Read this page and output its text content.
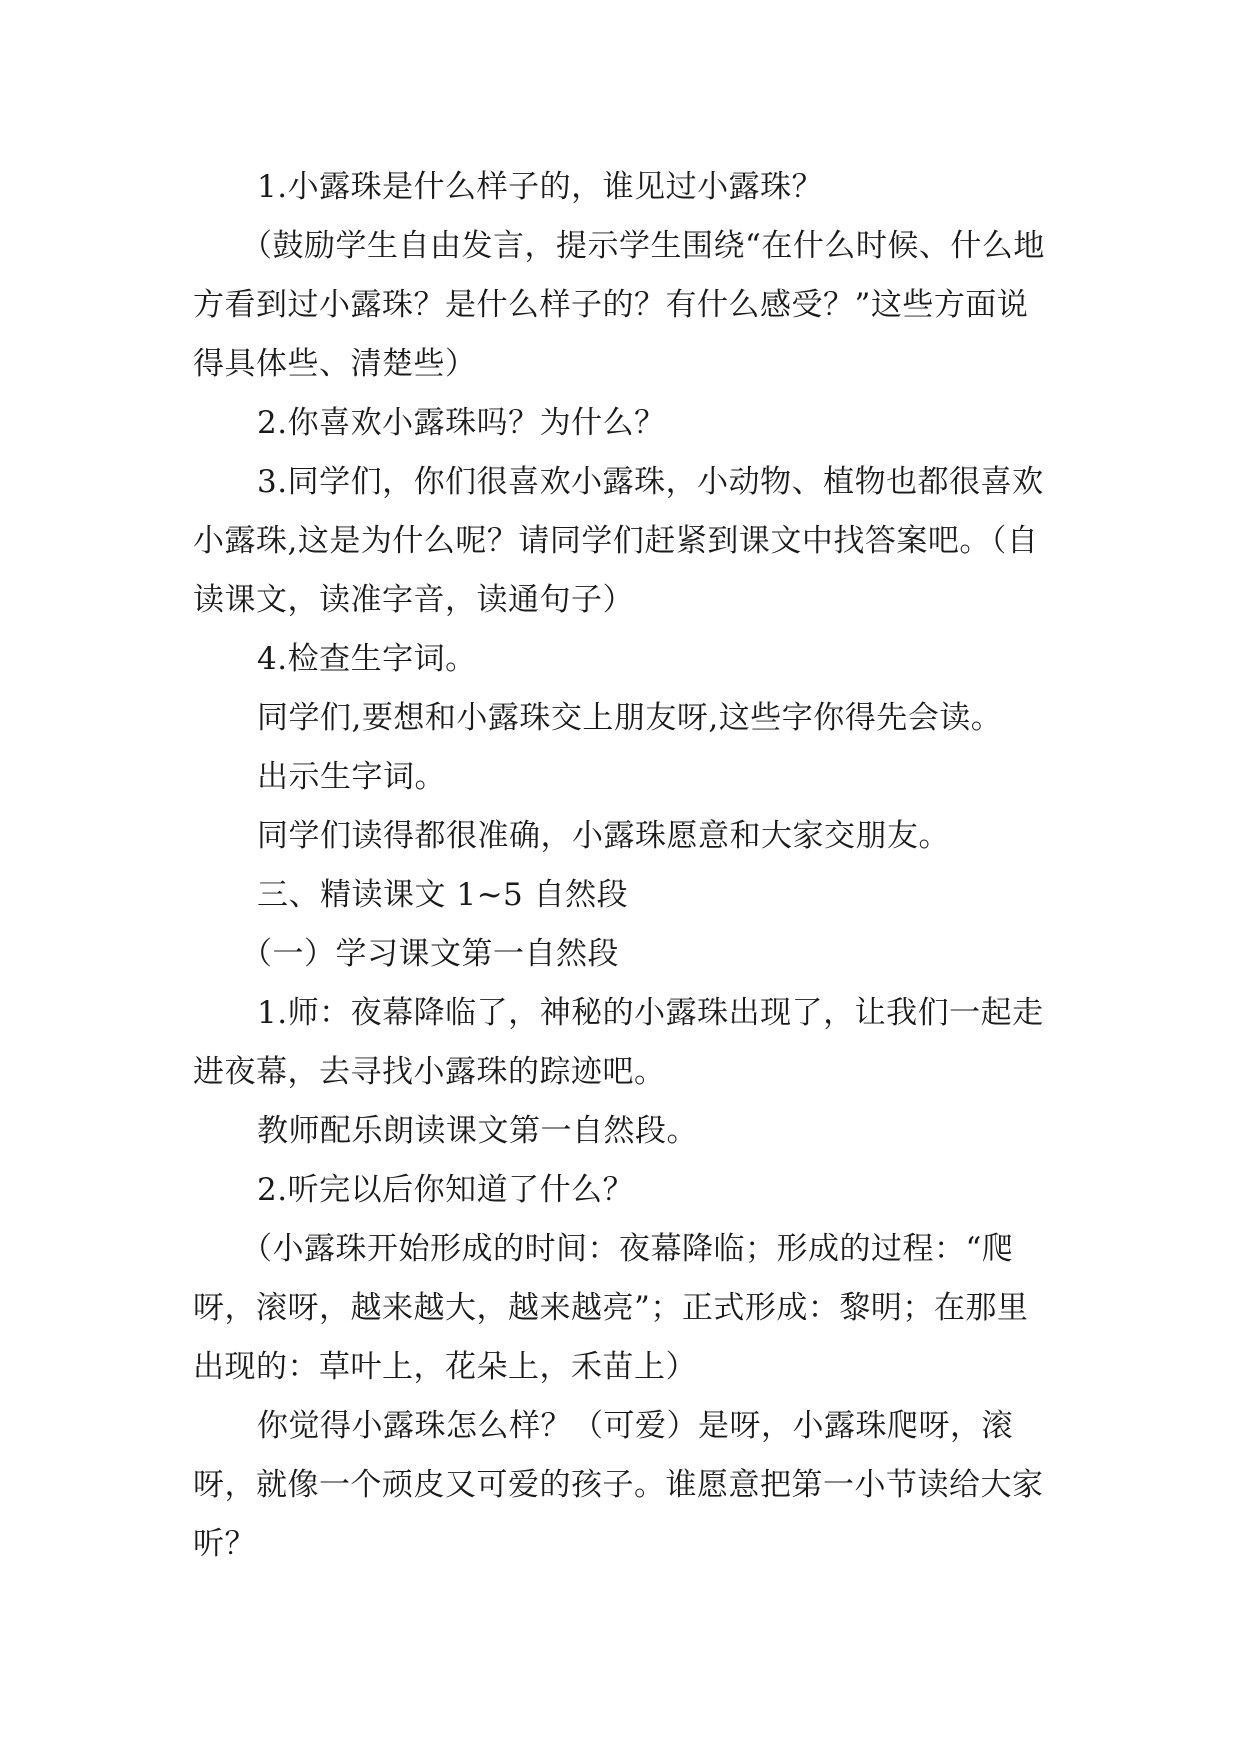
1.小露珠是什么样子的，谁见过小露珠？

（鼓励学生自由发言，提示学生围绕“在什么时候、什么地方看到过小露珠？是什么样子的？有什么感受？”这些方面说得具体些、清楚些）

2.你喜欢小露珠吗？为什么？

3.同学们，你们很喜欢小露珠，小动物、植物也都很喜欢小露珠,这是为什么呢？请同学们赶紧到课文中找答案吧。（自读课文，读准字音，读通句子）

4.检查生字词。

同学们,要想和小露珠交上朋友呀,这些字你得先会读。

出示生字词。

同学们读得都很准确，小露珠愿意和大家交朋友。

三、精读课文 1~5 自然段

（一）学习课文第一自然段

1.师：夜幕降临了，神秘的小露珠出现了，让我们一起走进夜幕，去寻找小露珠的踪迹吧。

教师配乐朗读课文第一自然段。

2.听完以后你知道了什么？

（小露珠开始形成的时间：夜幕降临；形成的过程：“爬呀，滚呀，越来越大，越来越亮”；正式形成：黎明；在那里出现的：草叶上，花朵上，禾苗上）

你觉得小露珠怎么样？（可爱）是呀，小露珠爬呀，滚呀，就像一个顽皮又可爱的孩子。谁愿意把第一小节读给大家听？
